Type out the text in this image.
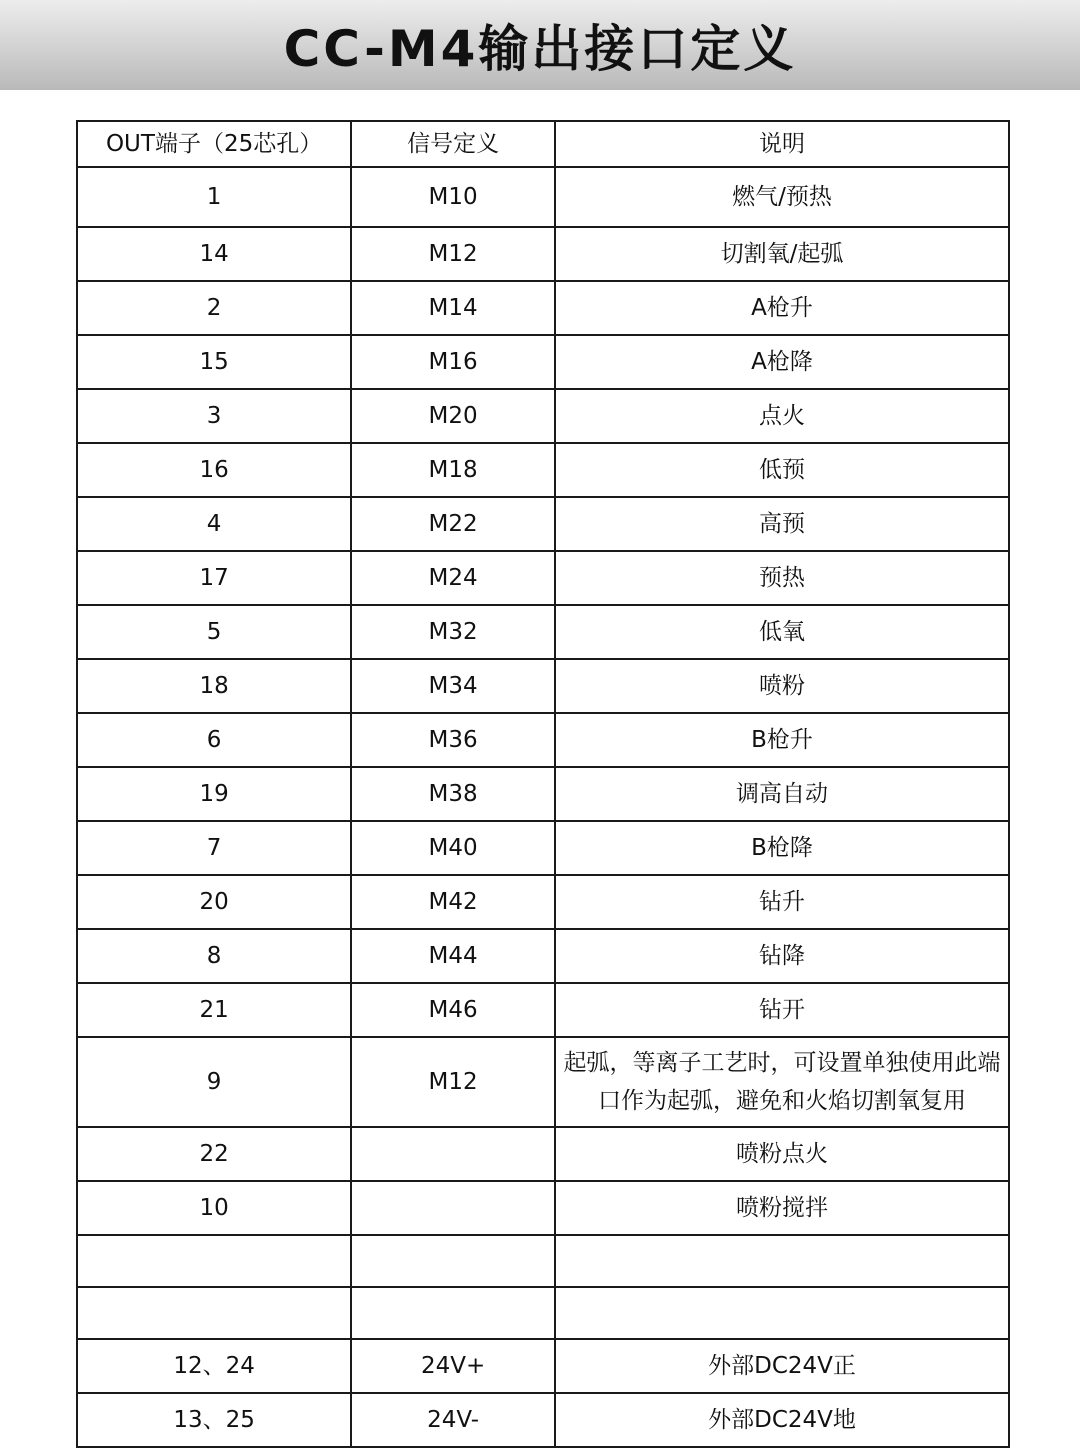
CC-M4输出接口定义
OUT端子（25芯孔）	信号定义	说明
1	M10	燃气/预热
14	M12	切割氧/起弧
2	M14	A枪升
15	M16	A枪降
3	M20	点火
16	M18	低预
4	M22	高预
17	M24	预热
5	M32	低氧
18	M34	喷粉
6	M36	B枪升
19	M38	调高自动
7	M40	B枪降
20	M42	钻升
8	M44	钻降
21	M46	钻开
9	M12	起弧，等离子工艺时，可设置单独使用此端口作为起弧，避免和火焰切割氧复用
22		喷粉点火
10		喷粉搅拌

12、24	24V+	外部DC24V正
13、25	24V-	外部DC24V地
